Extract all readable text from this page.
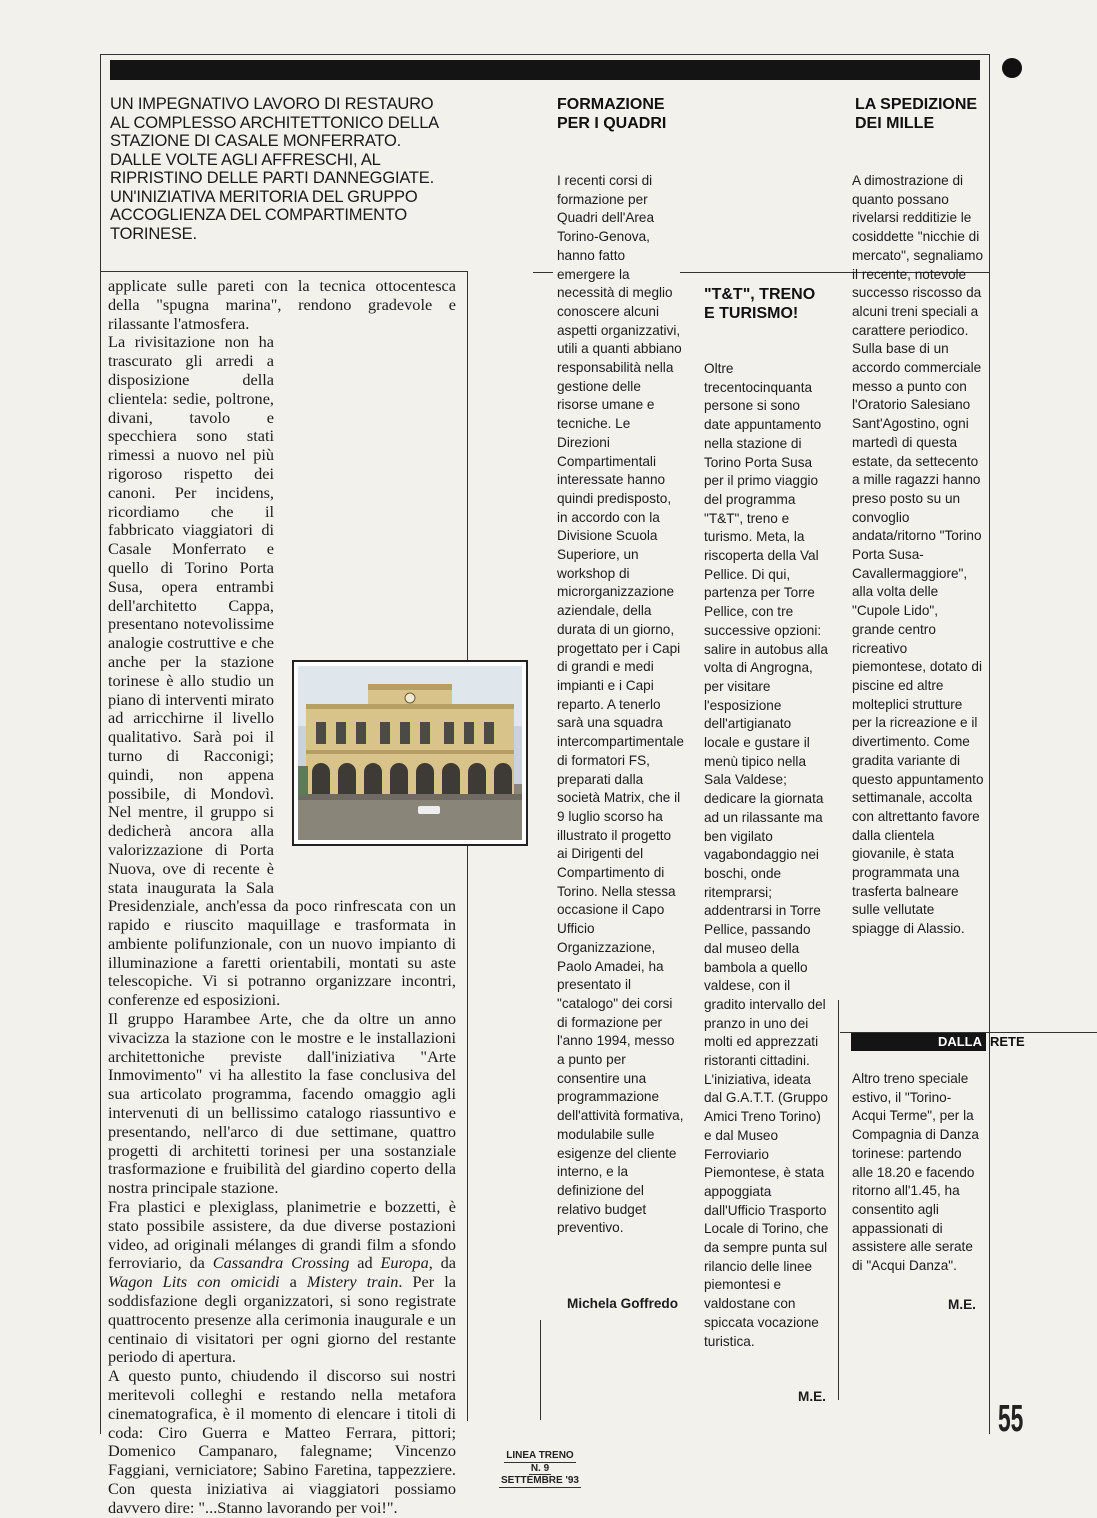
UN IMPEGNATIVO LAVORO DI RESTAURO AL COMPLESSO ARCHITETTONICO DELLA STAZIONE DI CASALE MONFERRATO. DALLE VOLTE AGLI AFFRESCHI, AL RIPRISTINO DELLE PARTI DANNEGGIATE. UN'INIZIATIVA MERITORIA DEL GRUPPO ACCOGLIENZA DEL COMPARTIMENTO TORINESE.

applicate sulle pareti con la tecnica ottocentesca della "spugna marina", rendono gradevole e rilassante l'atmosfera.

La rivisitazione non ha trascurato gli arredi a disposizione della clientela: sedie, poltrone, divani, tavolo e specchiera sono stati rimessi a nuovo nel più rigoroso rispetto dei canoni. Per incidens, ricordiamo che il fabbricato viaggiatori di Casale Monferrato e quello di Torino Porta Susa, opera entrambi dell'architetto Cappa, presentano notevolissime analogie costruttive e che anche per la stazione torinese è allo studio un piano di interventi mirato ad arricchirne il livello qualitativo. Sarà poi il turno di Racconigi; quindi, non appena possibile, di Mondovì. Nel mentre, il gruppo si dedicherà ancora alla valorizzazione di Porta Nuova, ove di recente è stata inaugurata la Sala Presidenziale, anch'essa da poco rinfrescata con un rapido e riuscito maquillage e trasformata in ambiente polifunzionale, con un nuovo impianto di illuminazione a faretti orientabili, montati su aste telescopiche. Vi si potranno organizzare incontri, conferenze ed esposizioni.

Il gruppo Harambee Arte, che da oltre un anno vivacizza la stazione con le mostre e le installazioni architettoniche previste dall'iniziativa "Arte Inmovimento" vi ha allestito la fase conclusiva del sua articolato programma, facendo omaggio agli intervenuti di un bellissimo catalogo riassuntivo e presentando, nell'arco di due settimane, quattro progetti di architetti torinesi per una sostanziale trasformazione e fruibilità del giardino coperto della nostra principale stazione.

Fra plastici e plexiglass, planimetrie e bozzetti, è stato possibile assistere, da due diverse postazioni video, ad originali mélanges di grandi film a sfondo ferroviario, da Cassandra Crossing ad Europa, da Wagon Lits con omicidi a Mistery train. Per la soddisfazione degli organizzatori, si sono registrate quattrocento presenze alla cerimonia inaugurale e un centinaio di visitatori per ogni giorno del restante periodo di apertura.

A questo punto, chiudendo il discorso sui nostri meritevoli colleghi e restando nella metafora cinematografica, è il momento di elencare i titoli di coda: Ciro Guerra e Matteo Ferrara, pittori; Domenico Campanaro, falegname; Vincenzo Faggiani, verniciatore; Sabino Faretina, tappezziere. Con questa iniziativa ai viaggiatori possiamo davvero dire: "...Stanno lavorando per voi!".

FORMAZIONE PER I QUADRI
I recenti corsi di formazione per Quadri dell'Area Torino-Genova, hanno fatto emergere la necessità di meglio conoscere alcuni aspetti organizzativi, utili a quanti abbiano responsabilità nella gestione delle risorse umane e tecniche. Le Direzioni Compartimentali interessate hanno quindi predisposto, in accordo con la Divisione Scuola Superiore, un workshop di microrganizzazione aziendale, della durata di un giorno, progettato per i Capi di grandi e medi impianti e i Capi reparto. A tenerlo sarà una squadra intercompartimentale di formatori FS, preparati dalla società Matrix, che il 9 luglio scorso ha illustrato il progetto ai Dirigenti del Compartimento di Torino. Nella stessa occasione il Capo Ufficio Organizzazione, Paolo Amadei, ha presentato il "catalogo" dei corsi di formazione per l'anno 1994, messo a punto per consentire una programmazione dell'attività formativa, modulabile sulle esigenze del cliente interno, e la definizione del relativo budget preventivo.
Michela Goffredo
"T&T", TRENO E TURISMO!
Oltre trecentocinquanta persone si sono date appuntamento nella stazione di Torino Porta Susa per il primo viaggio del programma "T&T", treno e turismo. Meta, la riscoperta della Val Pellice. Di qui, partenza per Torre Pellice, con tre successive opzioni: salire in autobus alla volta di Angrogna, per visitare l'esposizione dell'artigianato locale e gustare il menù tipico nella Sala Valdese; dedicare la giornata ad un rilassante ma ben vigilato vagabondaggio nei boschi, onde ritemprarsi; addentrarsi in Torre Pellice, passando dal museo della bambola a quello valdese, con il gradito intervallo del pranzo in uno dei molti ed apprezzati ristoranti cittadini. L'iniziativa, ideata dal G.A.T.T. (Gruppo Amici Treno Torino) e dal Museo Ferroviario Piemontese, è stata appoggiata dall'Ufficio Trasporto Locale di Torino, che da sempre punta sul rilancio delle linee piemontesi e valdostane con spiccata vocazione turistica.
M.E.
LA SPEDIZIONE DEI MILLE
A dimostrazione di quanto possano rivelarsi redditizie le cosiddette "nicchie di mercato", segnaliamo il recente, notevole successo riscosso da alcuni treni speciali a carattere periodico. Sulla base di un accordo commerciale messo a punto con l'Oratorio Salesiano Sant'Agostino, ogni martedì di questa estate, da settecento a mille ragazzi hanno preso posto su un convoglio andata/ritorno "Torino Porta Susa-Cavallermaggiore", alla volta delle "Cupole Lido", grande centro ricreativo piemontese, dotato di piscine ed altre molteplici strutture per la ricreazione e il divertimento. Come gradita variante di questo appuntamento settimanale, accolta con altrettanto favore dalla clientela giovanile, è stata programmata una trasferta balneare sulle vellutate spiagge di Alassio.
DALLA RETE
Altro treno speciale estivo, il "Torino-Acqui Terme", per la Compagnia di Danza torinese: partendo alle 18.20 e facendo ritorno all'1.45, ha consentito agli appassionati di assistere alle serate di "Acqui Danza".
M.E.
55
LINEA TRENO
N. 9
SETTEMBRE '93
